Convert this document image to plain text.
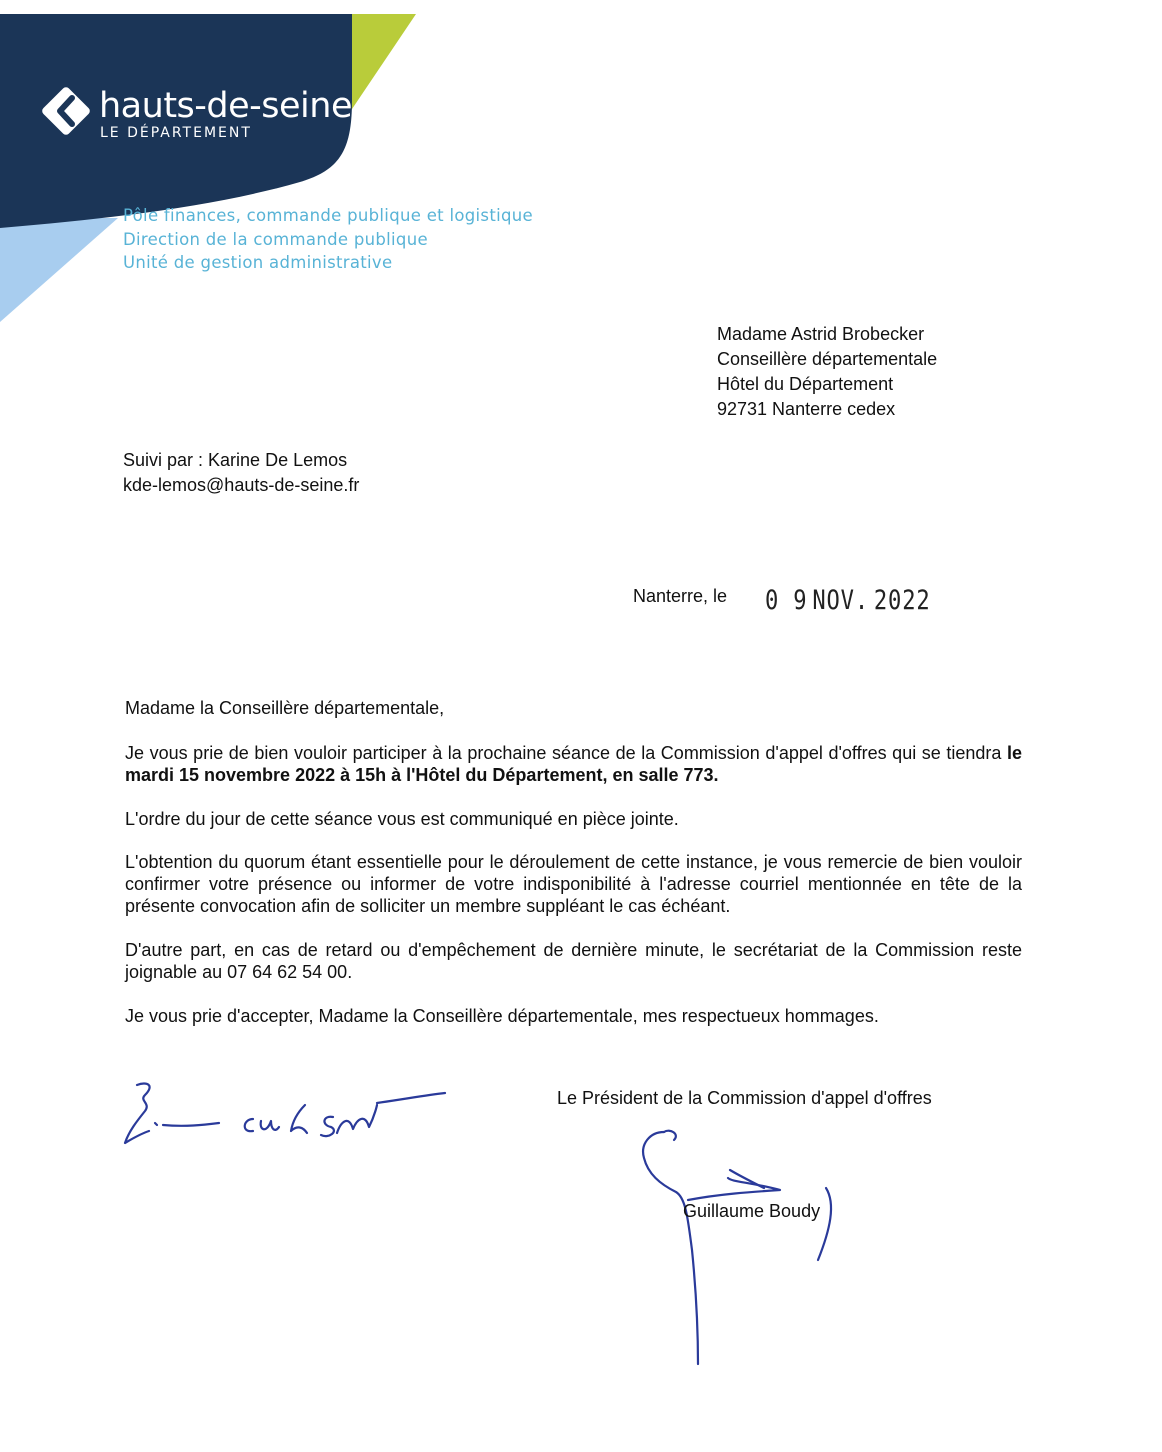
hauts-de-seine
LE DÉPARTEMENT
Pôle finances, commande publique et logistique
Direction de la commande publique
Unité de gestion administrative
Madame Astrid Brobecker
Conseillère départementale
Hôtel du Département
92731 Nanterre cedex
Suivi par : Karine De Lemos
kde-lemos@hauts-de-seine.fr
Nanterre, le 0 9 NOV. 2022
Madame la Conseillère départementale,
Je vous prie de bien vouloir participer à la prochaine séance de la Commission d'appel d'offres qui se tiendra le mardi 15 novembre 2022 à 15h à l'Hôtel du Département, en salle 773.
L'ordre du jour de cette séance vous est communiqué en pièce jointe.
L'obtention du quorum étant essentielle pour le déroulement de cette instance, je vous remercie de bien vouloir confirmer votre présence ou informer de votre indisponibilité à l'adresse courriel mentionnée en tête de la présente convocation afin de solliciter un membre suppléant le cas échéant.
D'autre part, en cas de retard ou d'empêchement de dernière minute, le secrétariat de la Commission reste joignable au 07 64 62 54 00.
Je vous prie d'accepter, Madame la Conseillère départementale, mes respectueux hommages.
Le Président de la Commission d'appel d'offres
Guillaume Boudy
